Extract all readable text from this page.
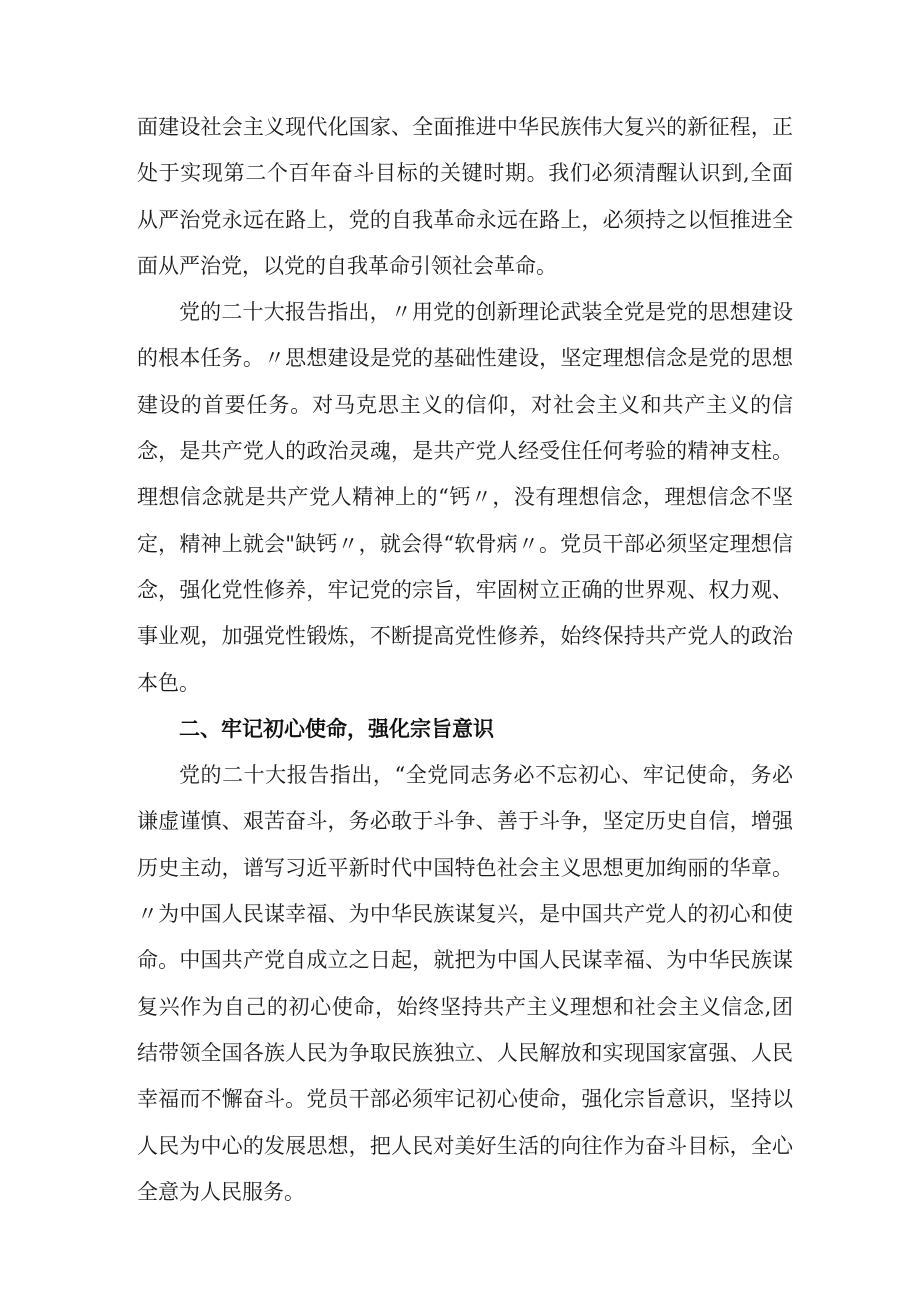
面建设社会主义现代化国家、全面推进中华民族伟大复兴的新征程，正处于实现第二个百年奋斗目标的关键时期。我们必须清醒认识到,全面从严治党永远在路上，党的自我革命永远在路上，必须持之以恒推进全面从严治党，以党的自我革命引领社会革命。

党的二十大报告指出，〃用党的创新理论武装全党是党的思想建设的根本任务。〃思想建设是党的基础性建设，坚定理想信念是党的思想建设的首要任务。对马克思主义的信仰，对社会主义和共产主义的信念，是共产党人的政治灵魂，是共产党人经受住任何考验的精神支柱。理想信念就是共产党人精神上的“钙〃，没有理想信念，理想信念不坚定，精神上就会"缺钙〃，就会得“软骨病〃。党员干部必须坚定理想信念，强化党性修养，牢记党的宗旨，牢固树立正确的世界观、权力观、事业观，加强党性锻炼，不断提高党性修养，始终保持共产党人的政治本色。

二、牢记初心使命，强化宗旨意识

党的二十大报告指出，“全党同志务必不忘初心、牢记使命，务必谦虚谨慎、艰苦奋斗，务必敢于斗争、善于斗争，坚定历史自信，增强历史主动，谱写习近平新时代中国特色社会主义思想更加绚丽的华章。〃为中国人民谋幸福、为中华民族谋复兴，是中国共产党人的初心和使命。中国共产党自成立之日起，就把为中国人民谋幸福、为中华民族谋复兴作为自己的初心使命，始终坚持共产主义理想和社会主义信念,团结带领全国各族人民为争取民族独立、人民解放和实现国家富强、人民幸福而不懈奋斗。党员干部必须牢记初心使命，强化宗旨意识，坚持以人民为中心的发展思想，把人民对美好生活的向往作为奋斗目标，全心全意为人民服务。
